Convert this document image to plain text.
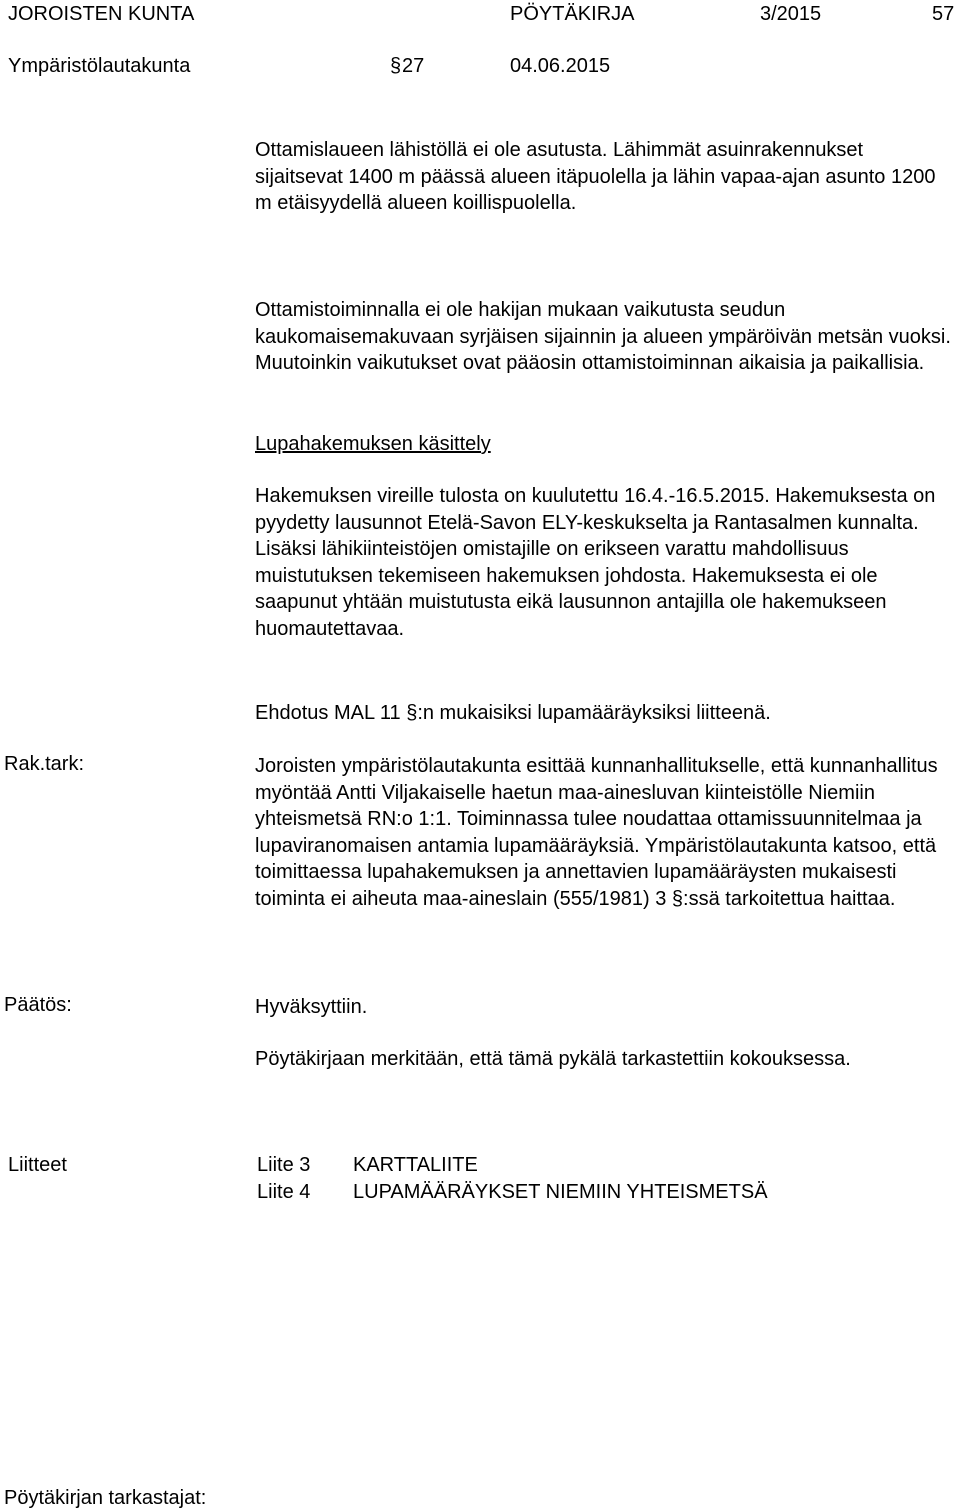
JOROISTEN KUNTA	PÖYTÄKIRJA	3/2015	57
Ympäristölautakunta	§ 27	04.06.2015

Ottamislaueen lähistöllä ei ole asutusta. Lähimmät asuinrakennukset sijaitsevat 1400 m päässä alueen itäpuolella ja lähin vapaa-ajan asunto 1200 m etäisyydellä alueen koillispuolella.

Ottamistoiminnalla ei ole hakijan mukaan vaikutusta seudun kaukomaisemakuvaan syrjäisen sijainnin ja alueen ympäröivän metsän vuoksi. Muutoinkin vaikutukset ovat pääosin ottamistoiminnan aikaisia ja paikallisia.

Lupahakemuksen käsittely

Hakemuksen vireille tulosta on kuulutettu 16.4.-16.5.2015. Hakemuksesta on pyydetty lausunnot Etelä-Savon ELY-keskukselta ja Rantasalmen kunnalta. Lisäksi lähikiinteistöjen omistajille on erikseen varattu mahdollisuus muistutuksen tekemiseen hakemuksen johdosta. Hakemuksesta ei ole saapunut yhtään muistutusta eikä lausunnon antajilla ole hakemukseen huomautettavaa.

Ehdotus MAL 11 §:n mukaisiksi lupamääräyksiksi liitteenä.

Rak.tark:	Joroisten ympäristölautakunta esittää kunnanhallitukselle, että kunnanhallitus myöntää Antti Viljakaiselle haetun maa-ainesluvan kiinteistölle Niemiin yhteismetsä RN:o 1:1. Toiminnassa tulee noudattaa ottamissuunnitelmaa ja lupaviranomaisen antamia lupamääräyksiä. Ympäristölautakunta katsoo, että toimittaessa lupahakemuksen ja annettavien lupamääräysten mukaisesti toiminta ei aiheuta maa-aineslain (555/1981) 3 §:ssä tarkoitettua haittaa.

Päätös:	Hyväksyttiin.

Pöytäkirjaan merkitään, että tämä pykälä tarkastettiin kokouksessa.

Liitteet	Liite 3 KARTTALIITE
Liite 4 LUPAMÄÄRÄYKSET NIEMIIN YHTEISMETSÄ
Pöytäkirjan tarkastajat:
